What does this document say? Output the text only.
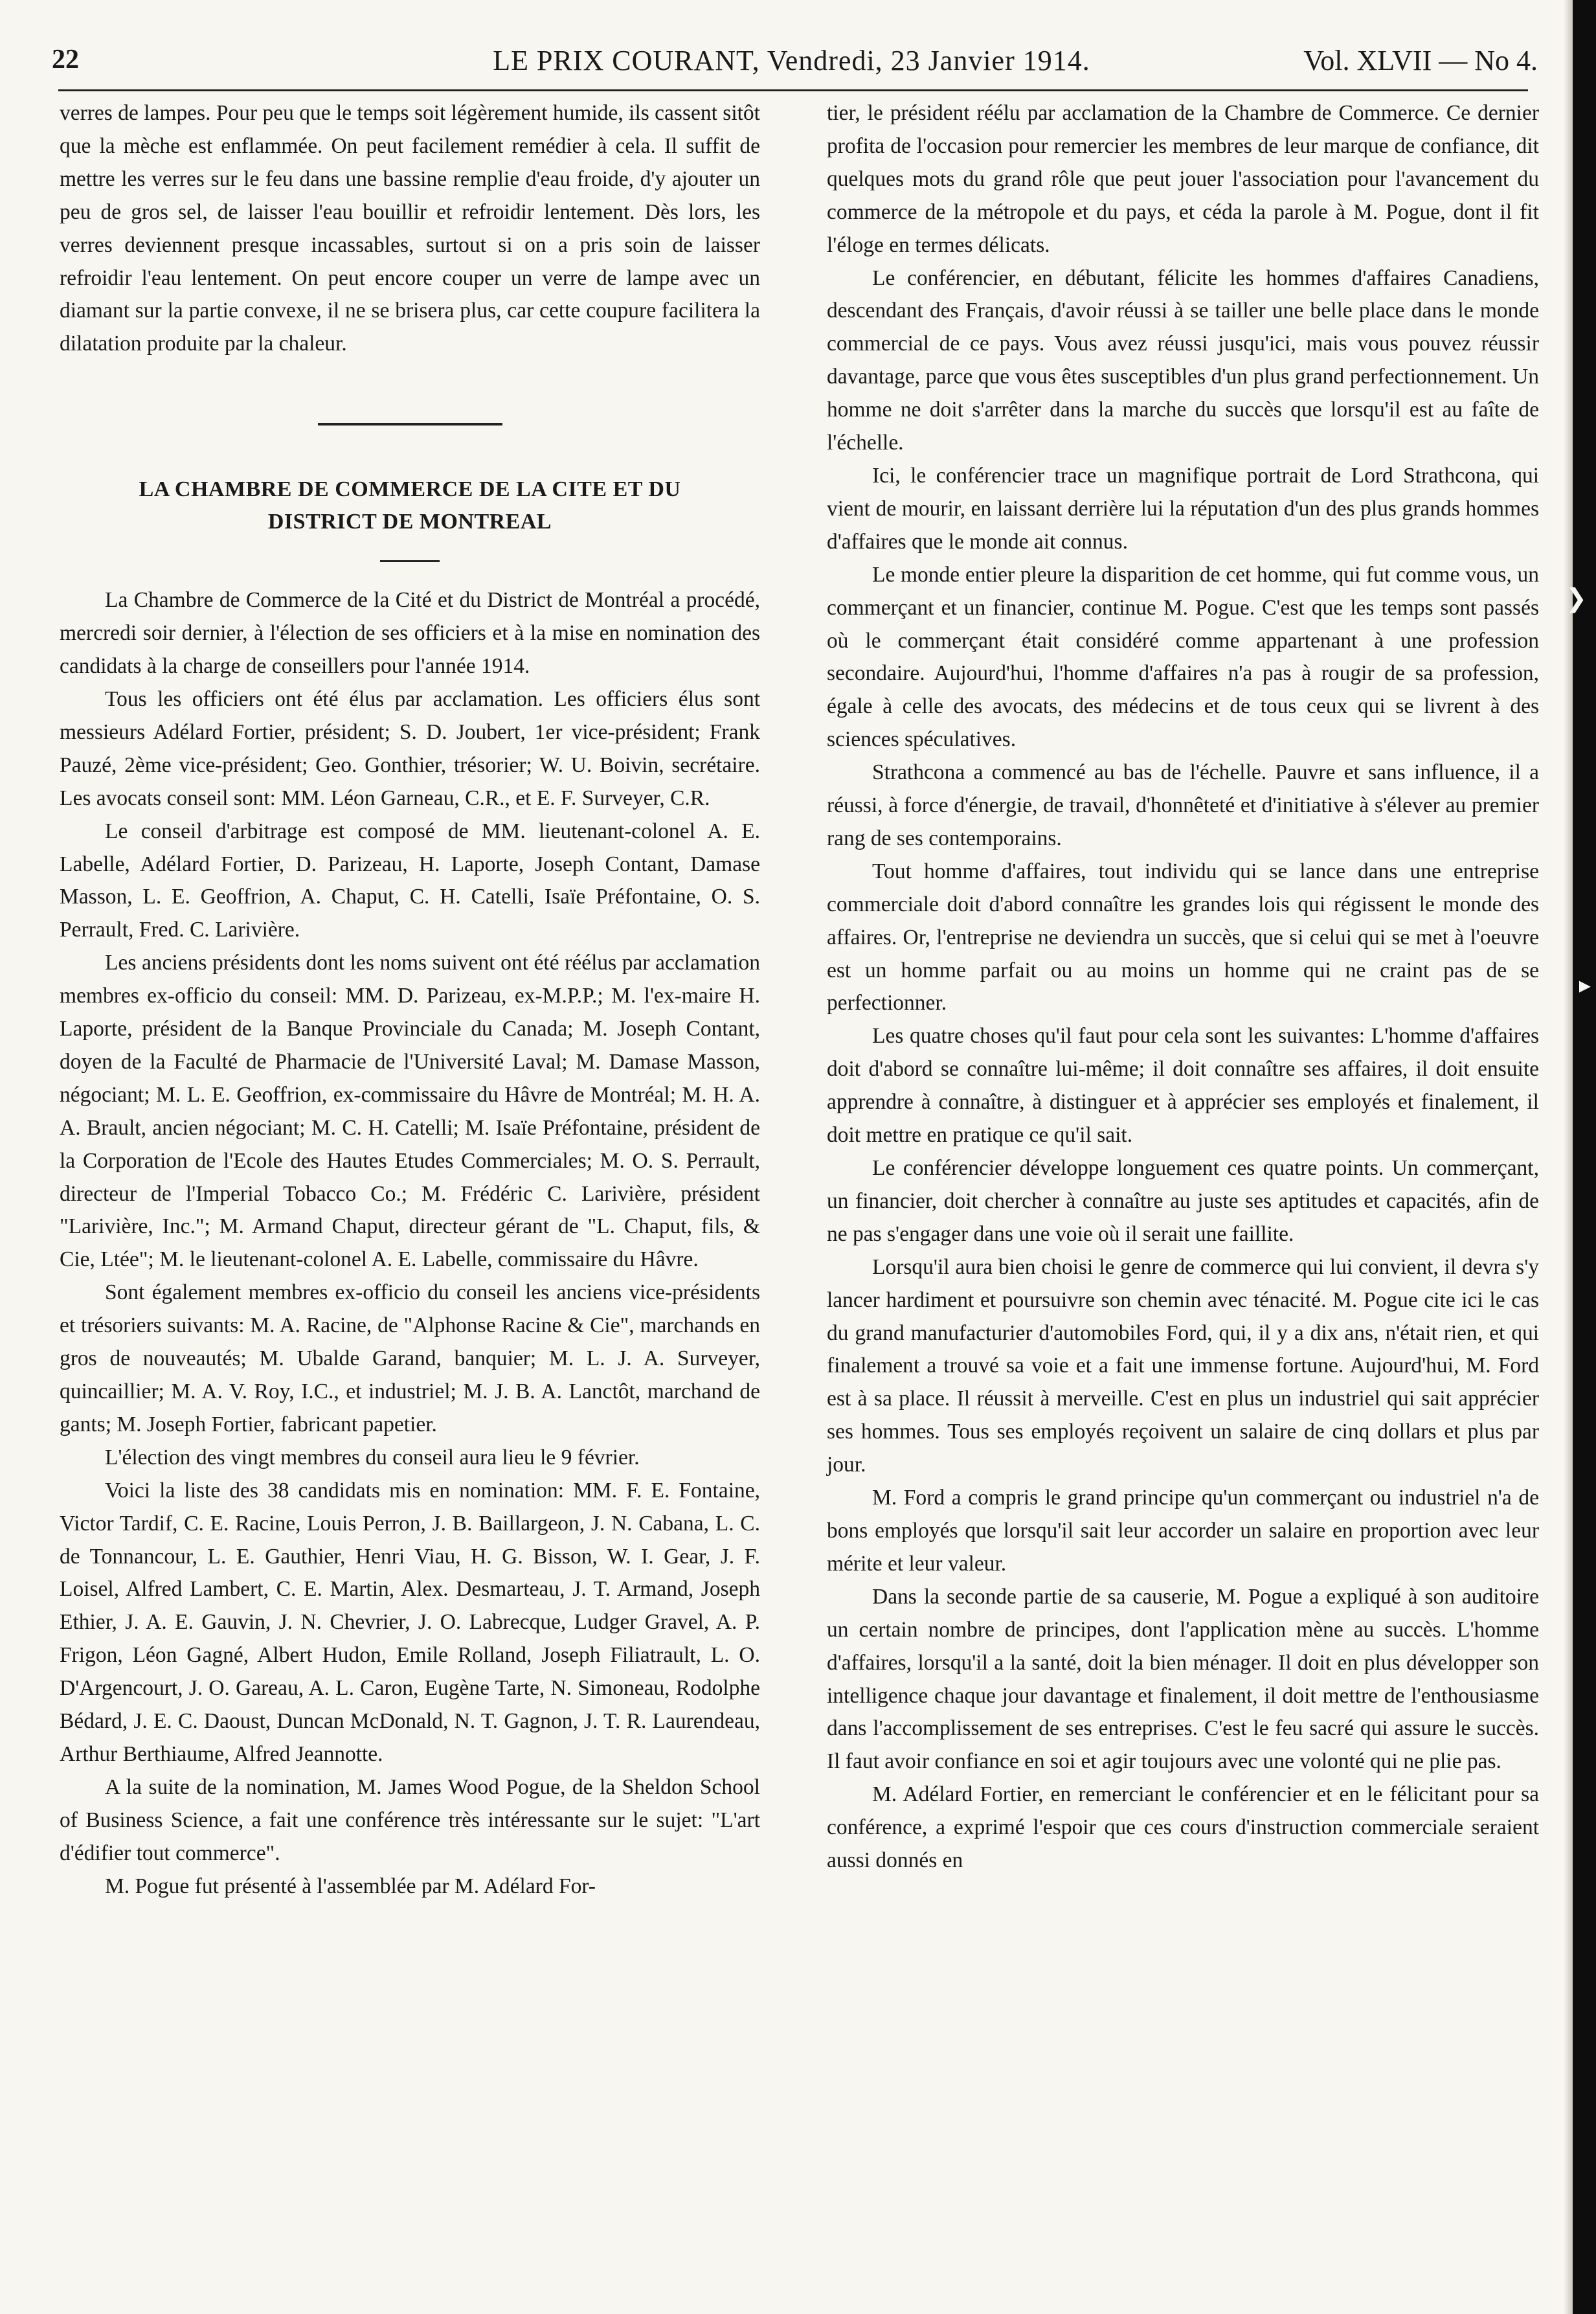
22	LE PRIX COURANT, Vendredi, 23 Janvier 1914.	Vol. XLVII — No 4.

verres de lampes. Pour peu que le temps soit légèrement humide, ils cassent sitôt que la mèche est enflammée. On peut facilement remédier à cela. Il suffit de mettre les verres sur le feu dans une bassine remplie d'eau froide, d'y ajouter un peu de gros sel, de laisser l'eau bouillir et refroidir lentement. Dès lors, les verres deviennent presque incassables, surtout si on a pris soin de laisser refroidir l'eau lentement. On peut encore couper un verre de lampe avec un diamant sur la partie convexe, il ne se brisera plus, car cette coupure facilitera la dilatation produite par la chaleur.

LA CHAMBRE DE COMMERCE DE LA CITE ET DU
DISTRICT DE MONTREAL

La Chambre de Commerce de la Cité et du District de Montréal a procédé, mercredi soir dernier, à l'élection de ses officiers et à la mise en nomination des candidats à la charge de conseillers pour l'année 1914.

Tous les officiers ont été élus par acclamation. Les officiers élus sont messieurs Adélard Fortier, président; S. D. Joubert, 1er vice-président; Frank Pauzé, 2ème vice-président; Geo. Gonthier, trésorier; W. U. Boivin, secrétaire. Les avocats conseil sont: MM. Léon Garneau, C.R., et E. F. Surveyer, C.R.

Le conseil d'arbitrage est composé de MM. lieutenant-colonel A. E. Labelle, Adélard Fortier, D. Parizeau, H. Laporte, Joseph Contant, Damase Masson, L. E. Geoffrion, A. Chaput, C. H. Catelli, Isaïe Préfontaine, O. S. Perrault, Fred. C. Larivière.

Les anciens présidents dont les noms suivent ont été réélus par acclamation membres ex-officio du conseil: MM. D. Parizeau, ex-M.P.P.; M. l'ex-maire H. Laporte, président de la Banque Provinciale du Canada; M. Joseph Contant, doyen de la Faculté de Pharmacie de l'Université Laval; M. Damase Masson, négociant; M. L. E. Geoffrion, ex-commissaire du Hâvre de Montréal; M. H. A. A. Brault, ancien négociant; M. C. H. Catelli; M. Isaïe Préfontaine, président de la Corporation de l'Ecole des Hautes Etudes Commerciales; M. O. S. Perrault, directeur de l'Imperial Tobacco Co.; M. Frédéric C. Larivière, président "Larivière, Inc."; M. Armand Chaput, directeur gérant de "L. Chaput, fils, & Cie, Ltée"; M. le lieutenant-colonel A. E. Labelle, commissaire du Hâvre.

Sont également membres ex-officio du conseil les anciens vice-présidents et trésoriers suivants: M. A. Racine, de "Alphonse Racine & Cie", marchands en gros de nouveautés; M. Ubalde Garand, banquier; M. L. J. A. Surveyer, quincaillier; M. A. V. Roy, I.C., et industriel; M. J. B. A. Lanctôt, marchand de gants; M. Joseph Fortier, fabricant papetier.

L'élection des vingt membres du conseil aura lieu le 9 février.

Voici la liste des 38 candidats mis en nomination: MM. F. E. Fontaine, Victor Tardif, C. E. Racine, Louis Perron, J. B. Baillargeon, J. N. Cabana, L. C. de Tonnancour, L. E. Gauthier, Henri Viau, H. G. Bisson, W. I. Gear, J. F. Loisel, Alfred Lambert, C. E. Martin, Alex. Desmarteau, J. T. Armand, Joseph Ethier, J. A. E. Gauvin, J. N. Chevrier, J. O. Labrecque, Ludger Gravel, A. P. Frigon, Léon Gagné, Albert Hudon, Emile Rolland, Joseph Filiatrault, L. O. D'Argencourt, J. O. Gareau, A. L. Caron, Eugène Tarte, N. Simoneau, Rodolphe Bédard, J. E. C. Daoust, Duncan McDonald, N. T. Gagnon, J. T. R. Laurendeau, Arthur Berthiaume, Alfred Jeannotte.

A la suite de la nomination, M. James Wood Pogue, de la Sheldon School of Business Science, a fait une conférence très intéressante sur le sujet: "L'art d'édifier tout commerce".

M. Pogue fut présenté à l'assemblée par M. Adélard For-

tier, le président réélu par acclamation de la Chambre de Commerce. Ce dernier profita de l'occasion pour remercier les membres de leur marque de confiance, dit quelques mots du grand rôle que peut jouer l'association pour l'avancement du commerce de la métropole et du pays, et céda la parole à M. Pogue, dont il fit l'éloge en termes délicats.

Le conférencier, en débutant, félicite les hommes d'affaires Canadiens, descendant des Français, d'avoir réussi à se tailler une belle place dans le monde commercial de ce pays. Vous avez réussi jusqu'ici, mais vous pouvez réussir davantage, parce que vous êtes susceptibles d'un plus grand perfectionnement. Un homme ne doit s'arrêter dans la marche du succès que lorsqu'il est au faîte de l'échelle.

Ici, le conférencier trace un magnifique portrait de Lord Strathcona, qui vient de mourir, en laissant derrière lui la réputation d'un des plus grands hommes d'affaires que le monde ait connus.

Le monde entier pleure la disparition de cet homme, qui fut comme vous, un commerçant et un financier, continue M. Pogue. C'est que les temps sont passés où le commerçant était considéré comme appartenant à une profession secondaire. Aujourd'hui, l'homme d'affaires n'a pas à rougir de sa profession, égale à celle des avocats, des médecins et de tous ceux qui se livrent à des sciences spéculatives.

Strathcona a commencé au bas de l'échelle. Pauvre et sans influence, il a réussi, à force d'énergie, de travail, d'honnêteté et d'initiative à s'élever au premier rang de ses contemporains.

Tout homme d'affaires, tout individu qui se lance dans une entreprise commerciale doit d'abord connaître les grandes lois qui régissent le monde des affaires. Or, l'entreprise ne deviendra un succès, que si celui qui se met à l'oeuvre est un homme parfait ou au moins un homme qui ne craint pas de se perfectionner.

Les quatre choses qu'il faut pour cela sont les suivantes: L'homme d'affaires doit d'abord se connaître lui-même; il doit connaître ses affaires, il doit ensuite apprendre à connaître, à distinguer et à apprécier ses employés et finalement, il doit mettre en pratique ce qu'il sait.

Le conférencier développe longuement ces quatre points. Un commerçant, un financier, doit chercher à connaître au juste ses aptitudes et capacités, afin de ne pas s'engager dans une voie où il serait une faillite.

Lorsqu'il aura bien choisi le genre de commerce qui lui convient, il devra s'y lancer hardiment et poursuivre son chemin avec ténacité. M. Pogue cite ici le cas du grand manufacturier d'automobiles Ford, qui, il y a dix ans, n'était rien, et qui finalement a trouvé sa voie et a fait une immense fortune. Aujourd'hui, M. Ford est à sa place. Il réussit à merveille. C'est en plus un industriel qui sait apprécier ses hommes. Tous ses employés reçoivent un salaire de cinq dollars et plus par jour.

M. Ford a compris le grand principe qu'un commerçant ou industriel n'a de bons employés que lorsqu'il sait leur accorder un salaire en proportion avec leur mérite et leur valeur.

Dans la seconde partie de sa causerie, M. Pogue a expliqué à son auditoire un certain nombre de principes, dont l'application mène au succès. L'homme d'affaires, lorsqu'il a la santé, doit la bien ménager. Il doit en plus développer son intelligence chaque jour davantage et finalement, il doit mettre de l'enthousiasme dans l'accomplissement de ses entreprises. C'est le feu sacré qui assure le succès. Il faut avoir confiance en soi et agir toujours avec une volonté qui ne plie pas.

M. Adélard Fortier, en remerciant le conférencier et en le félicitant pour sa conférence, a exprimé l'espoir que ces cours d'instruction commerciale seraient aussi donnés en

❯
▸
